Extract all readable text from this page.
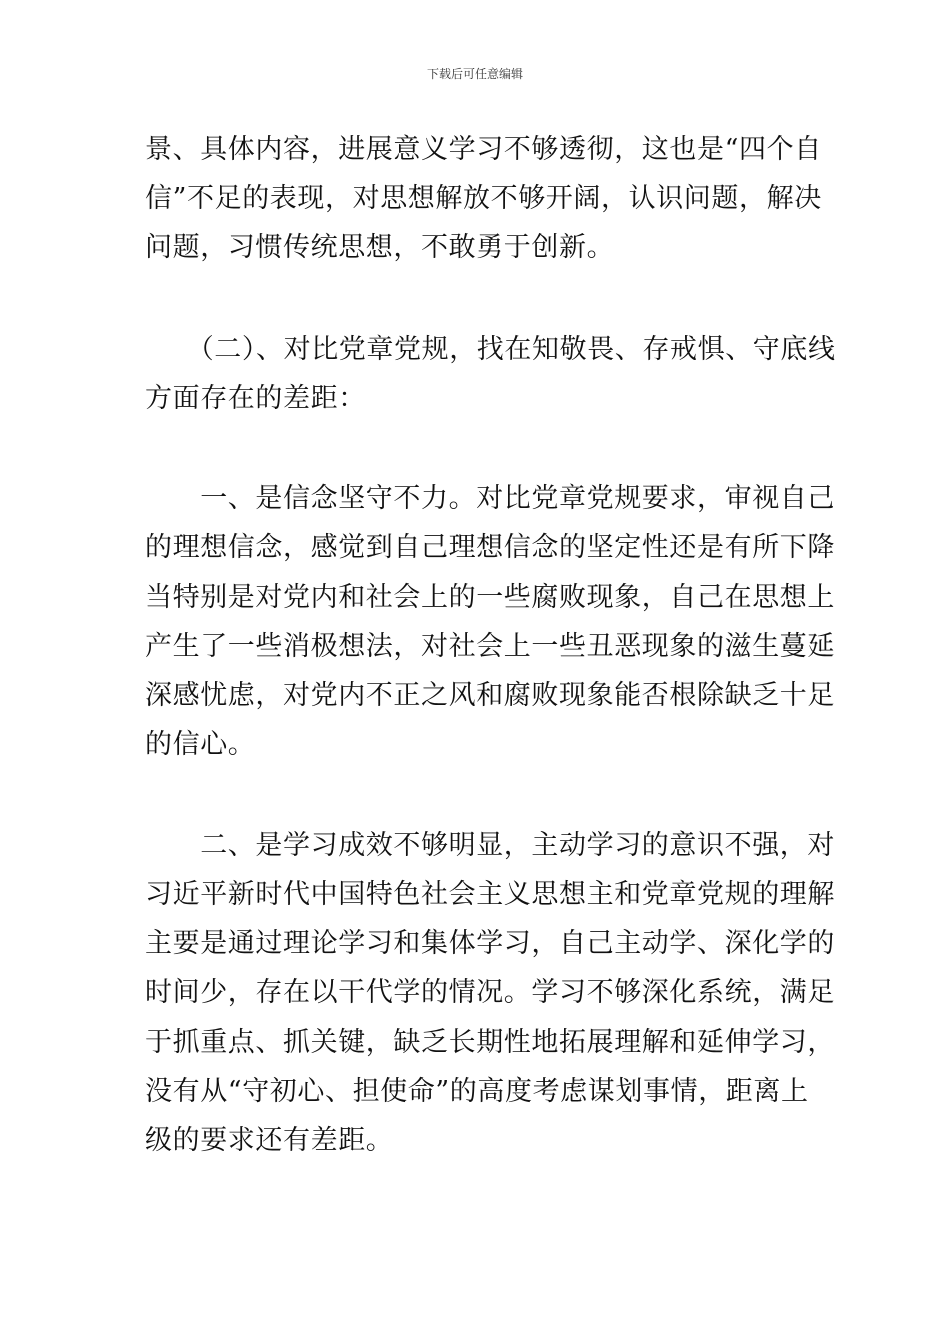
下载后可任意编辑
景、具体内容，进展意义学习不够透彻，这也是“四个自
信”不足的表现，对思想解放不够开阔，认识问题，解决
问题，习惯传统思想，不敢勇于创新。
　　（二）、对比党章党规，找在知敬畏、存戒惧、守底线
方面存在的差距：
　　一、是信念坚守不力。对比党章党规要求，审视自己
的理想信念，感觉到自己理想信念的坚定性还是有所下降
当特别是对党内和社会上的一些腐败现象，自己在思想上
产生了一些消极想法，对社会上一些丑恶现象的滋生蔓延
深感忧虑，对党内不正之风和腐败现象能否根除缺乏十足
的信心。
　　二、是学习成效不够明显，主动学习的意识不强，对
习近平新时代中国特色社会主义思想主和党章党规的理解
主要是通过理论学习和集体学习，自己主动学、深化学的
时间少，存在以干代学的情况。学习不够深化系统，满足
于抓重点、抓关键，缺乏长期性地拓展理解和延伸学习，
没有从“守初心、担使命”的高度考虑谋划事情，距离上
级的要求还有差距。
